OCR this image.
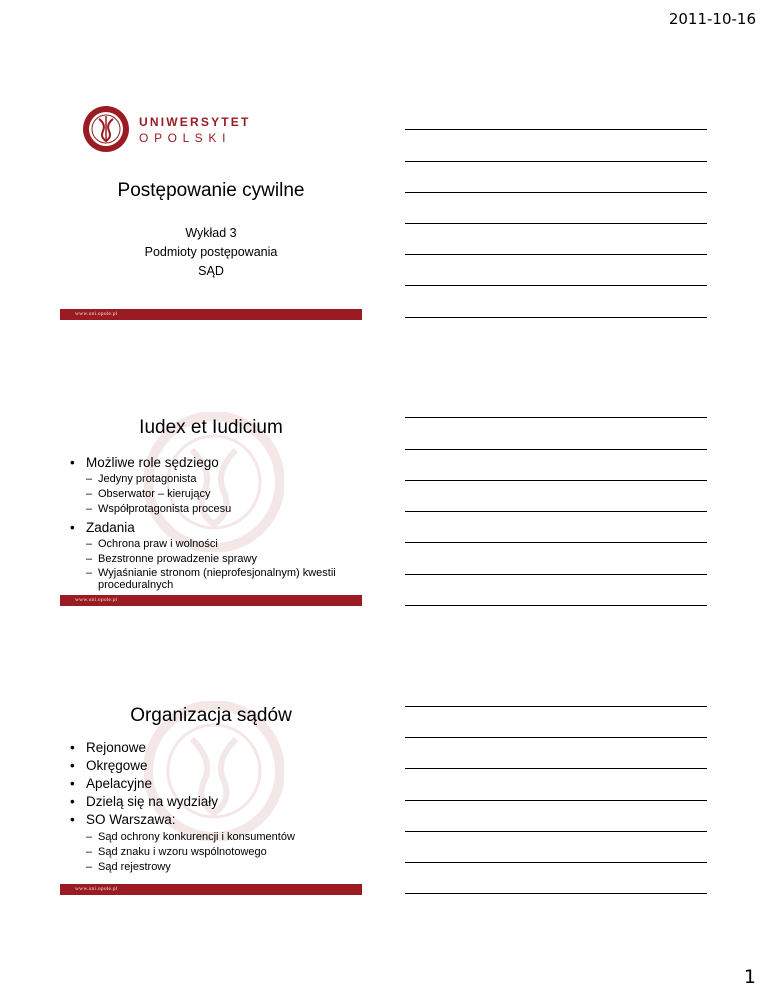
2011-10-16
UNIWERSYTET
O P O L S K I
Postępowanie cywilne
Wykład 3
Podmioty postępowania
SĄD
www.uni.opole.pl
Iudex et Iudicium
• Możliwe role sędziego
– Jedyny protagonista
– Obserwator – kierujący
– Współprotagonista procesu
• Zadania
– Ochrona praw i wolności
– Bezstronne prowadzenie sprawy
– Wyjaśnianie stronom (nieprofesjonalnym) kwestii proceduralnych
www.uni.opole.pl
Organizacja sądów
• Rejonowe
• Okręgowe
• Apelacyjne
• Dzielą się na wydziały
• SO Warszawa:
– Sąd ochrony konkurencji i konsumentów
– Sąd znaku i wzoru wspólnotowego
– Sąd rejestrowy
www.uni.opole.pl
1
